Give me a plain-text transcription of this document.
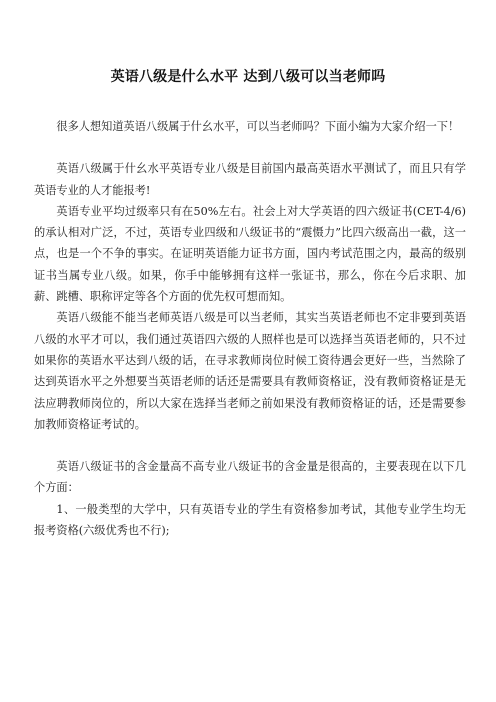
英语八级是什么水平 达到八级可以当老师吗

很多人想知道英语八级属于什幺水平，可以当老师吗？下面小编为大家介绍一下！

英语八级属于什幺水平英语专业八级是目前国内最高英语水平测试了，而且只有学英语专业的人才能报考!

英语专业平均过级率只有在50%左右。社会上对大学英语的四六级证书(CET-4/6)的承认相对广泛，不过，英语专业四级和八级证书的“震慑力”比四六级高出一截，这一点，也是一个不争的事实。在证明英语能力证书方面，国内考试范围之内，最高的级别证书当属专业八级。如果，你手中能够拥有这样一张证书，那么，你在今后求职、加薪、跳槽、职称评定等各个方面的优先权可想而知。

英语八级能不能当老师英语八级是可以当老师，其实当英语老师也不定非要到英语八级的水平才可以，我们通过英语四六级的人照样也是可以选择当英语老师的，只不过如果你的英语水平达到八级的话，在寻求教师岗位时候工资待遇会更好一些，当然除了达到英语水平之外想要当英语老师的话还是需要具有教师资格证，没有教师资格证是无法应聘教师岗位的，所以大家在选择当老师之前如果没有教师资格证的话，还是需要参加教师资格证考试的。

英语八级证书的含金量高不高专业八级证书的含金量是很高的，主要表现在以下几个方面：

1、一般类型的大学中，只有英语专业的学生有资格参加考试，其他专业学生均无报考资格(六级优秀也不行);
